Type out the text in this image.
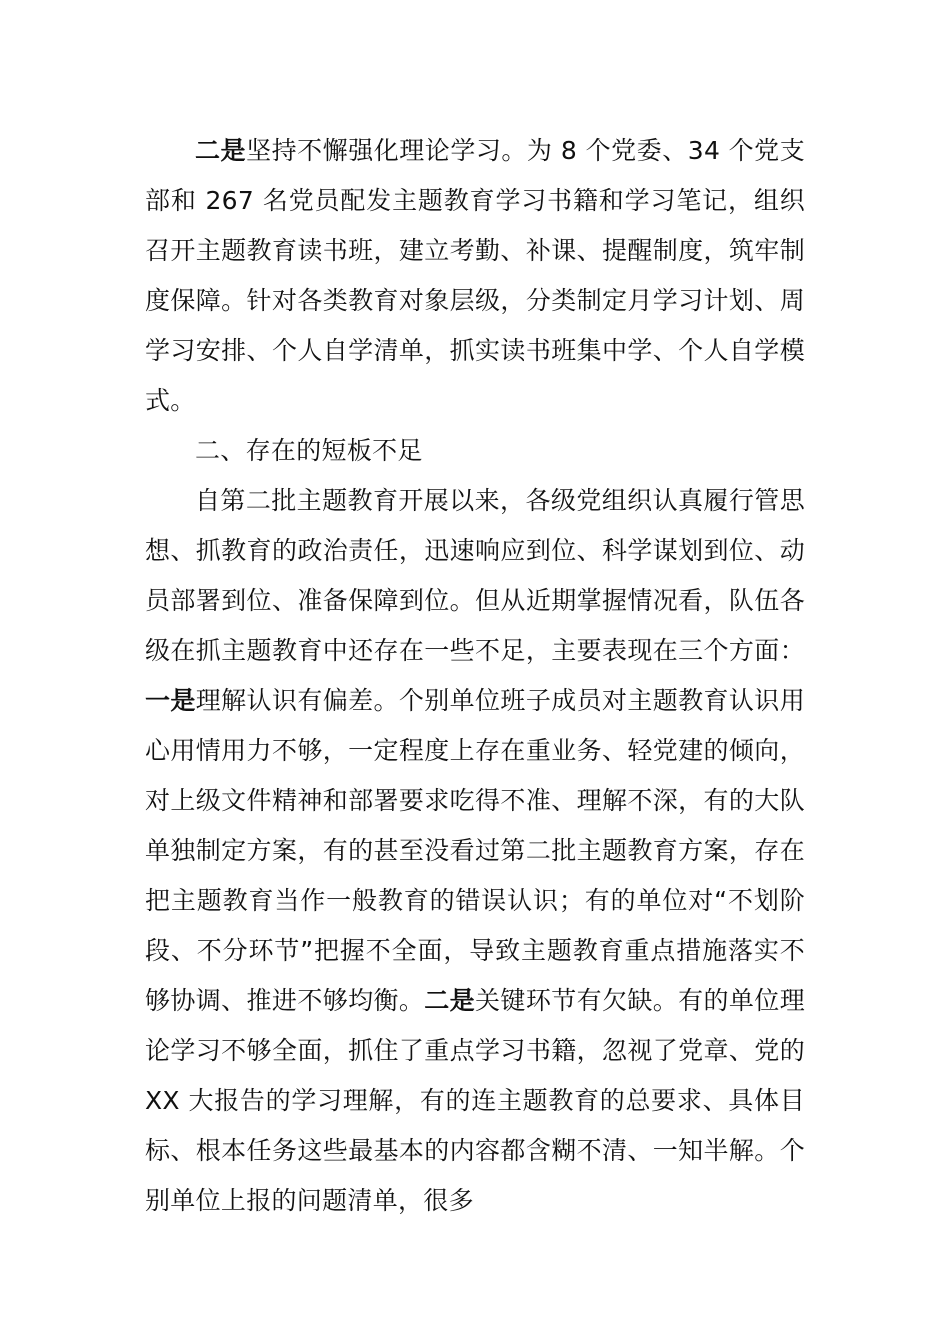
二是坚持不懈强化理论学习。为 8 个党委、34 个党支部和 267 名党员配发主题教育学习书籍和学习笔记，组织召开主题教育读书班，建立考勤、补课、提醒制度，筑牢制度保障。针对各类教育对象层级，分类制定月学习计划、周学习安排、个人自学清单，抓实读书班集中学、个人自学模式。

二、存在的短板不足

自第二批主题教育开展以来，各级党组织认真履行管思想、抓教育的政治责任，迅速响应到位、科学谋划到位、动员部署到位、准备保障到位。但从近期掌握情况看，队伍各级在抓主题教育中还存在一些不足，主要表现在三个方面：一是理解认识有偏差。个别单位班子成员对主题教育认识用心用情用力不够，一定程度上存在重业务、轻党建的倾向，对上级文件精神和部署要求吃得不准、理解不深，有的大队单独制定方案，有的甚至没看过第二批主题教育方案，存在把主题教育当作一般教育的错误认识；有的单位对“不划阶段、不分环节”把握不全面，导致主题教育重点措施落实不够协调、推进不够均衡。二是关键环节有欠缺。有的单位理论学习不够全面，抓住了重点学习书籍，忽视了党章、党的 XX 大报告的学习理解，有的连主题教育的总要求、具体目标、根本任务这些最基本的内容都含糊不清、一知半解。个别单位上报的问题清单，很多
